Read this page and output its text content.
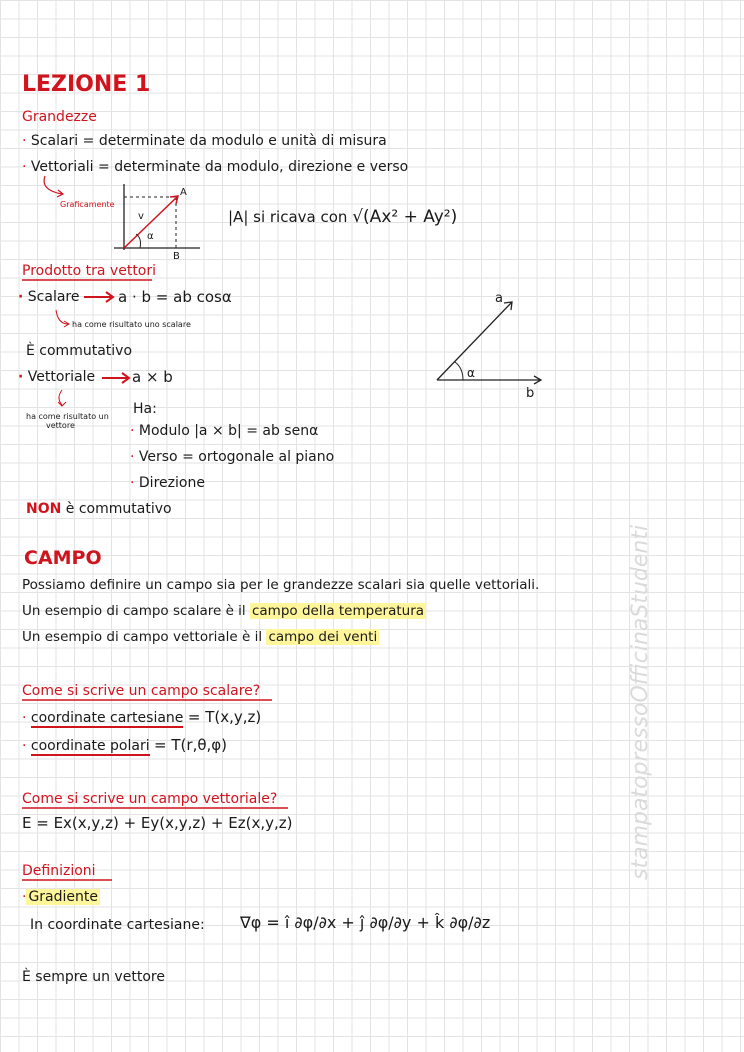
LEZIONE 1
Grandezze
· Scalari = determinate da modulo e unità di misura
· Vettoriali = determinate da modulo, direzione e verso
Graficamente
A
B
v
α
|A| si ricava con √(Ax² + Ay²)
Prodotto tra vettori
· Scalare	a · b = ab cosα
ha come risultato uno scalare
È commutativo
· Vettoriale a × b
ha come risultato un
vettore
Ha:
· Modulo |a × b| = ab senα
· Verso = ortogonale al piano
· Direzione
NON è commutativo
a
b
α
CAMPO
Possiamo definire un campo sia per le grandezze scalari sia quelle vettoriali.
Un esempio di campo scalare è il campo della temperatura
Un esempio di campo vettoriale è il campo dei venti
Come si scrive un campo scalare?
· coordinate cartesiane = T(x,y,z)
· coordinate polari = T(r,θ,φ)
Come si scrive un campo vettoriale?
E = Ex(x,y,z) + Ey(x,y,z) + Ez(x,y,z)
Definizioni
· Gradiente
In coordinate cartesiane: ∇φ = î ∂φ/∂x + ĵ ∂φ/∂y + k̂ ∂φ/∂z
È sempre un vettore
stampatopressoOfficinaStudenti
